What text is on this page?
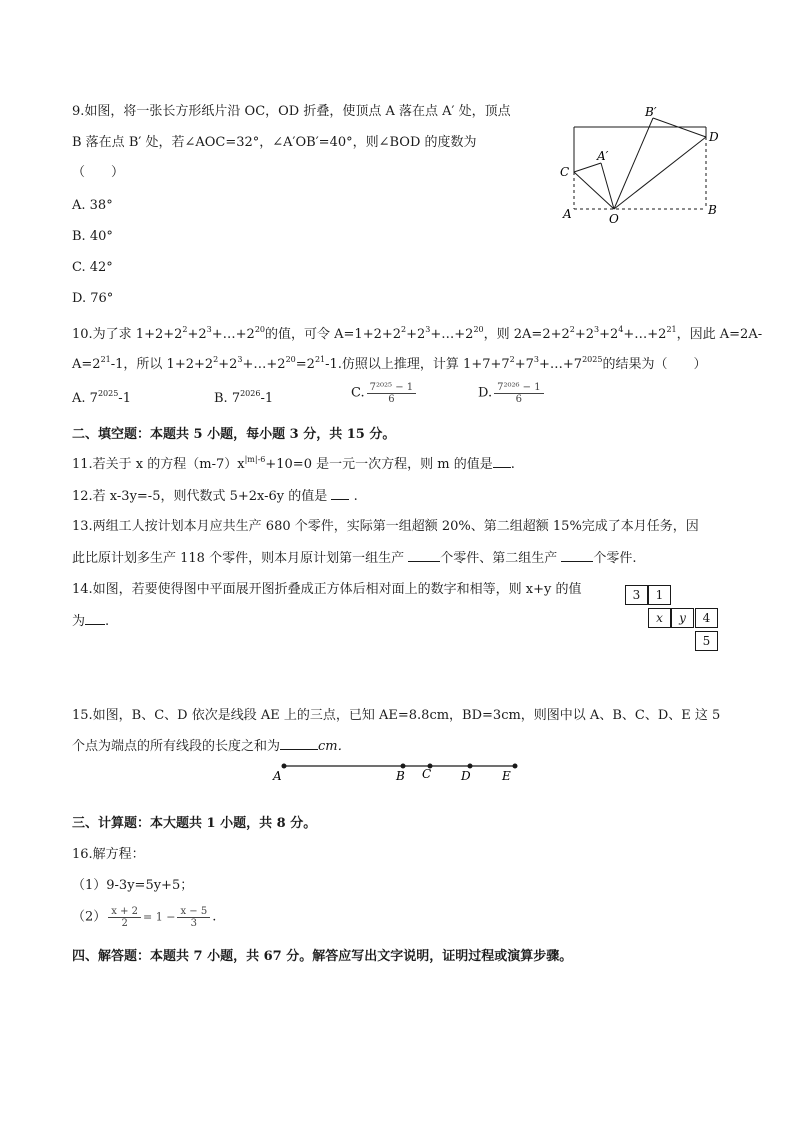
9.如图，将一张长方形纸片沿 OC，OD 折叠，使顶点 A 落在点 A′ 处，顶点
B 落在点 B′ 处，若∠AOC=32°，∠A′OB′=40°，则∠BOD 的度数为
（　　）
A. 38°
B. 40°
C. 42°
D. 76°
B′
D
A′
C
A	O
B
10.为了求 $1+2+2^2+2^3+\dots+2^{20}$的值，可令 $A=1+2+2^2+2^3+\dots+2^{20}$，则 $2A=2+2^2+2^3+2^4+\dots+2^{21}$，因此 A=2A-
$A=2^{21}-1$，所以 $1+2+2^2+2^3+\dots+2^{20}=2^{21}-1$.仿照以上推理，计算 $1+7+7^2+7^3+\dots+7^{2025}$的结果为（　　）
A. $7^{2025}-1$	B. $7^{2026}-1$	C. $\frac{\text{7²⁰²⁵ − 1}}{6}$	D. $\frac{\text{7²⁰²⁶ − 1}}{6}$
二、填空题：本题共 5 小题，每小题 3 分，共 15 分。
11.若关于 x 的方程$(m-7)x^{|m|-6}+10=0$ 是一元一次方程，则 m 的值是 .
12.若 x-3y=-5，则代数式 5+2x-6y 的值是 .
13.两组工人按计划本月应共生产 680 个零件，实际第一组超额 20%、第二组超额 15%完成了本月任务，因
此比原计划多生产 118 个零件，则本月原计划第一组生产	个零件、第二组生产	个零件.
14.如图，若要使得图中平面展开图折叠成正方体后相对面上的数字和相等，则 x+y 的值
为 .
3	1
x	y	4
5
15.如图，B、C、D 依次是线段 AE 上的三点，已知 AE=8.8cm，BD=3cm，则图中以 A、B、C、D、E 这 5
个点为端点的所有线段的长度之和为	cm．
A	B C D	E
三、计算题：本大题共 1 小题，共 8 分。
16.解方程：
（1）9-3y=5y+5；
$(2) \frac{x + 2}{2} = 1 - \frac{x - 5}{3}$ .
四、解答题：本题共 7 小题，共 67 分。解答应写出文字说明，证明过程或演算步骤。
